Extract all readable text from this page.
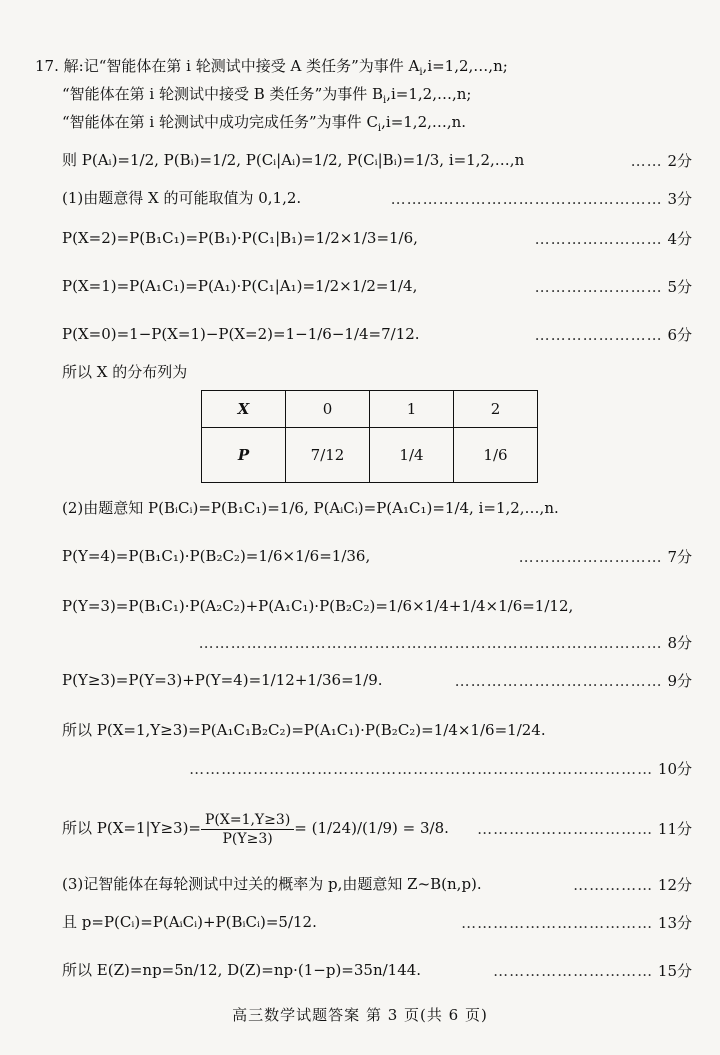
17. 解:记“智能体在第 i 轮测试中接受 A 类任务”为事件 $A_i,i=1,2,\dots,n$;
“智能体在第 i 轮测试中接受 B 类任务”为事件 $B_i,i=1,2,\dots,n$;
“智能体在第 i 轮测试中成功完成任务”为事件 $C_i,i=1,2,\dots,n$.
则 P(Aᵢ)=1/2, P(Bᵢ)=1/2, P(Cᵢ|Aᵢ)=1/2, P(Cᵢ|Bᵢ)=1/3, i=1,2,…,n	…… 2分
(1)由题意得 X 的可能取值为 0,1,2.	…………………………………………… 3分
P(X=2)=P(B₁C₁)=P(B₁)·P(C₁|B₁)=1/2×1/3=1/6,	…………………… 4分
P(X=1)=P(A₁C₁)=P(A₁)·P(C₁|A₁)=1/2×1/2=1/4,	…………………… 5分
P(X=0)=1−P(X=1)−P(X=2)=1−1/6−1/4=7/12.	…………………… 6分
所以 X 的分布列为
X	0	1	2
P	7/12	1/4	1/6
(2)由题意知 P(BᵢCᵢ)=P(B₁C₁)=1/6, P(AᵢCᵢ)=P(A₁C₁)=1/4, i=1,2,…,n.
P(Y=4)=P(B₁C₁)·P(B₂C₂)=1/6×1/6=1/36,	……………………… 7分
P(Y=3)=P(B₁C₁)·P(A₂C₂)+P(A₁C₁)·P(B₂C₂)=1/6×1/4+1/4×1/6=1/12,
…………………………………………………………………………… 8分
P(Y≥3)=P(Y=3)+P(Y=4)=1/12+1/36=1/9.	………………………………… 9分
所以 P(X=1,Y≥3)=P(A₁C₁B₂C₂)=P(A₁C₁)·P(B₂C₂)=1/4×1/6=1/24.
…………………………………………………………………………… 10分
所以 $P(X=1|Y\ge 3)= \frac{P(X=1,Y\ge 3)}{P(Y\ge 3)} = (1/24)/(1/9) = 3/8$.	…………………………… 11分
(3)记智能体在每轮测试中过关的概率为 p,由题意知 Z~B(n,p).	…………… 12分
且 p=P(Cᵢ)=P(AᵢCᵢ)+P(BᵢCᵢ)=5/12.	……………………………… 13分
所以 E(Z)=np=5n/12, D(Z)=np·(1−p)=35n/144.	………………………… 15分
高三数学试题答案 第 3 页(共 6 页)
